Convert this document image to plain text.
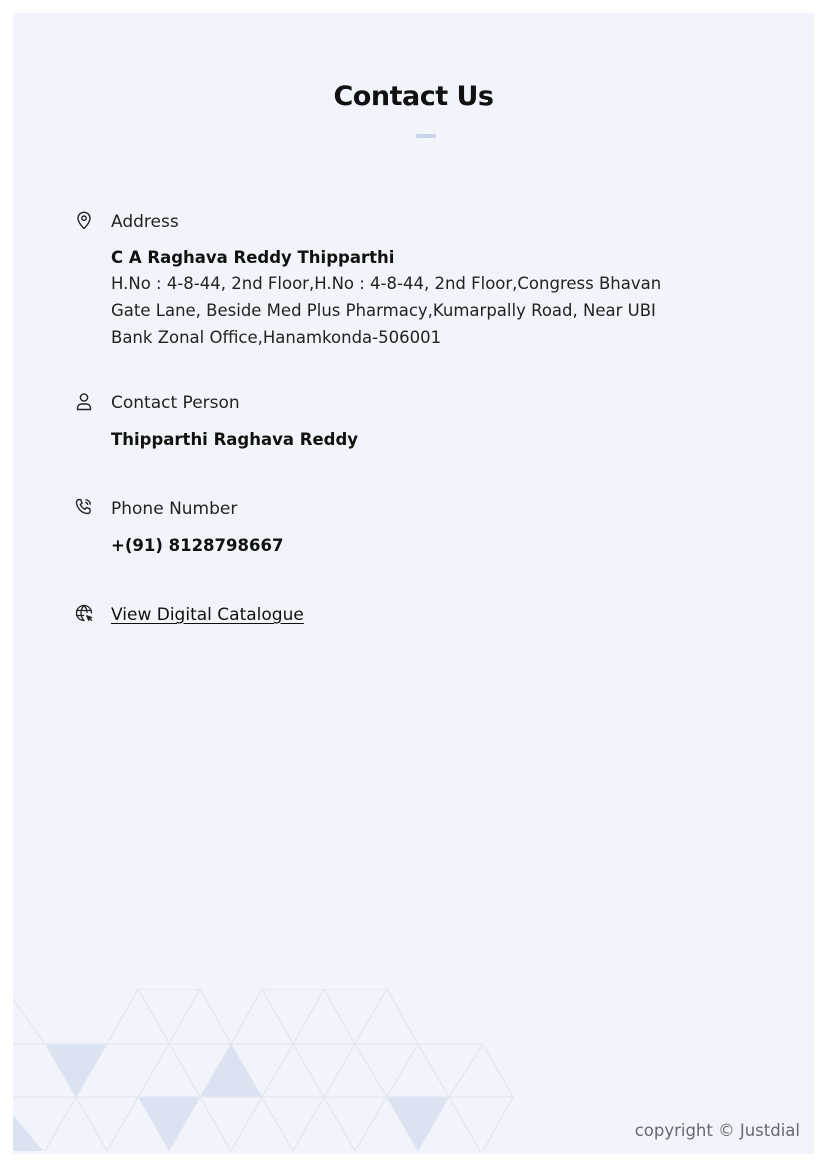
Contact Us
Address
C A Raghava Reddy Thipparthi
H.No : 4-8-44, 2nd Floor,H.No : 4-8-44, 2nd Floor,Congress Bhavan Gate Lane, Beside Med Plus Pharmacy,Kumarpally Road, Near UBI Bank Zonal Office,Hanamkonda-506001
Contact Person
Thipparthi Raghava Reddy
Phone Number
+(91) 8128798667
View Digital Catalogue
copyright © Justdial
